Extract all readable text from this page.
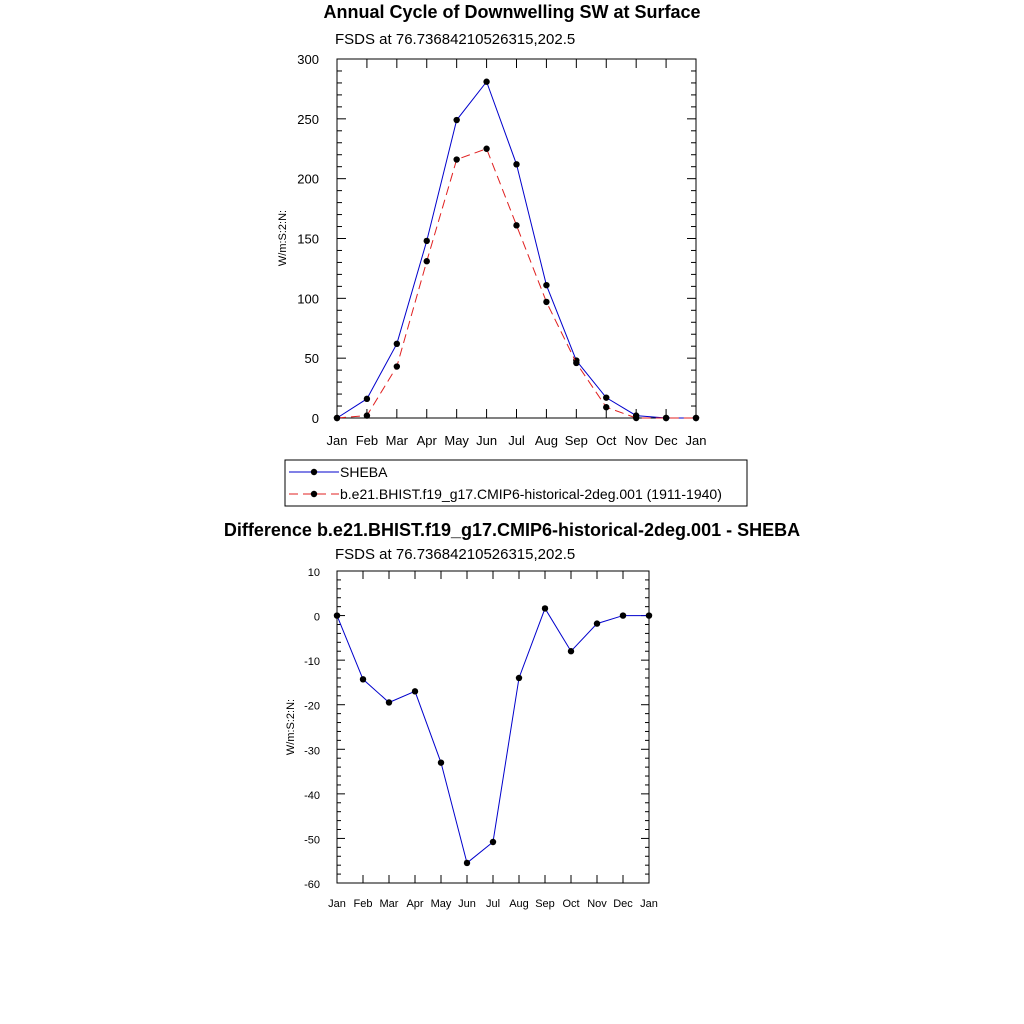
Annual Cycle of Downwelling SW at Surface
FSDS at 76.73684210526315,202.5
W/m:S:2:N:
0
50
100
150
200
250
300
Jan Feb Mar Apr May Jun Jul Aug Sep Oct Nov Dec Jan
SHEBA
b.e21.BHIST.f19_g17.CMIP6-historical-2deg.001 (1911-1940)
Difference b.e21.BHIST.f19_g17.CMIP6-historical-2deg.001 - SHEBA
FSDS at 76.73684210526315,202.5
W/m:S:2:N:
10
0
-10
-20
-30
-40
-50
-60
Jan Feb Mar Apr May Jun Jul Aug Sep Oct Nov Dec Jan
